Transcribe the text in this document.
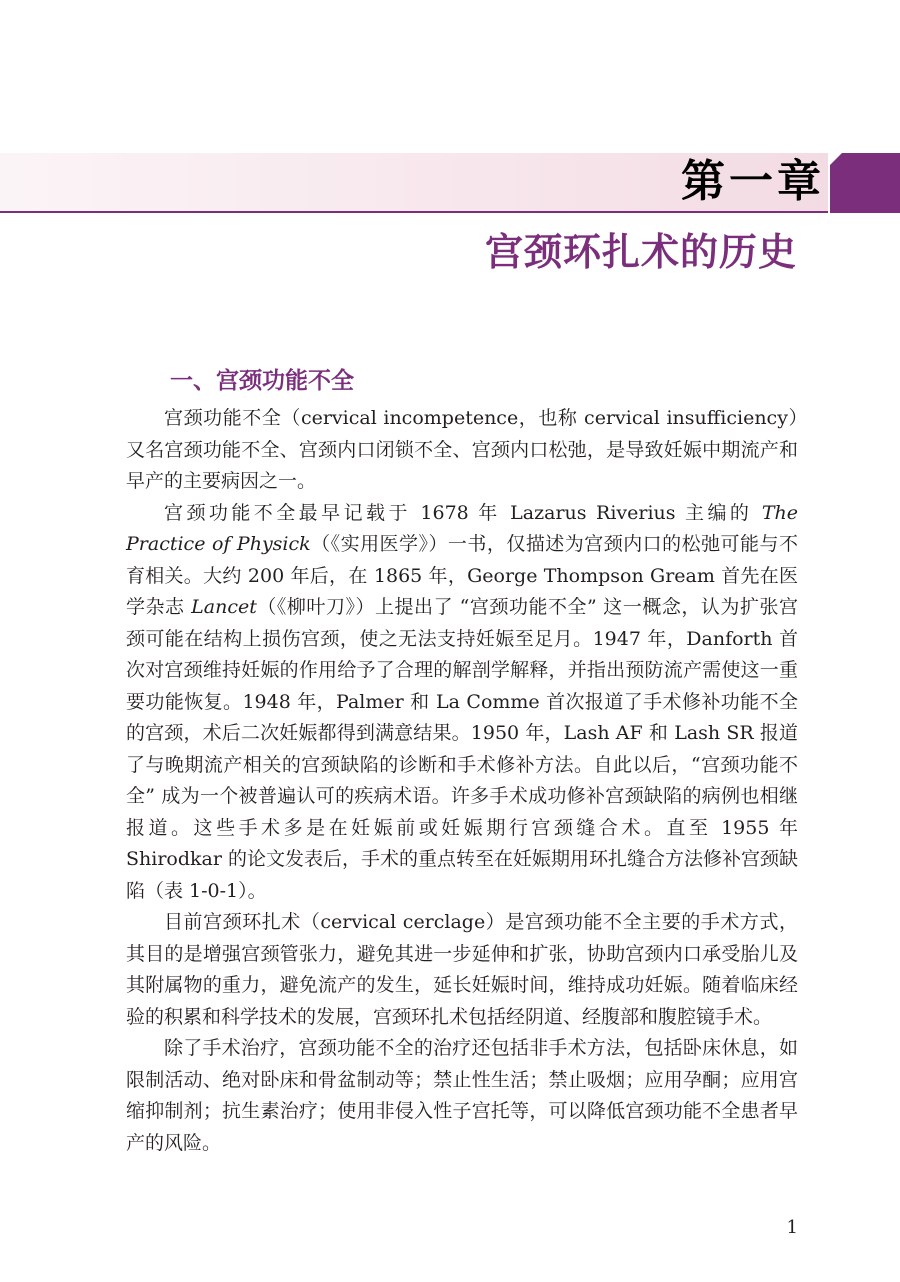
第一章
宫颈环扎术的历史
一、宫颈功能不全

宫颈功能不全（cervical incompetence，也称 cervical insufficiency）又名宫颈功能不全、宫颈内口闭锁不全、宫颈内口松弛，是导致妊娠中期流产和早产的主要病因之一。

宫颈功能不全最早记载于 1678 年 Lazarus Riverius 主编的 The Practice of Physick（《实用医学》）一书，仅描述为宫颈内口的松弛可能与不育相关。大约 200 年后，在 1865 年，George Thompson Gream 首先在医学杂志 Lancet（《柳叶刀》）上提出了 “宫颈功能不全” 这一概念，认为扩张宫颈可能在结构上损伤宫颈，使之无法支持妊娠至足月。1947 年，Danforth 首次对宫颈维持妊娠的作用给予了合理的解剖学解释，并指出预防流产需使这一重要功能恢复。1948 年，Palmer 和 La Comme 首次报道了手术修补功能不全的宫颈，术后二次妊娠都得到满意结果。1950 年，Lash AF 和 Lash SR 报道了与晚期流产相关的宫颈缺陷的诊断和手术修补方法。自此以后，“宫颈功能不全” 成为一个被普遍认可的疾病术语。许多手术成功修补宫颈缺陷的病例也相继报道。这些手术多是在妊娠前或妊娠期行宫颈缝合术。直至 1955 年 Shirodkar 的论文发表后，手术的重点转至在妊娠期用环扎缝合方法修补宫颈缺陷（表 1-0-1）。

目前宫颈环扎术（cervical cerclage）是宫颈功能不全主要的手术方式，其目的是增强宫颈管张力，避免其进一步延伸和扩张，协助宫颈内口承受胎儿及其附属物的重力，避免流产的发生，延长妊娠时间，维持成功妊娠。随着临床经验的积累和科学技术的发展，宫颈环扎术包括经阴道、经腹部和腹腔镜手术。

除了手术治疗，宫颈功能不全的治疗还包括非手术方法，包括卧床休息，如限制活动、绝对卧床和骨盆制动等；禁止性生活；禁止吸烟；应用孕酮；应用宫缩抑制剂；抗生素治疗；使用非侵入性子宫托等，可以降低宫颈功能不全患者早产的风险。

1
